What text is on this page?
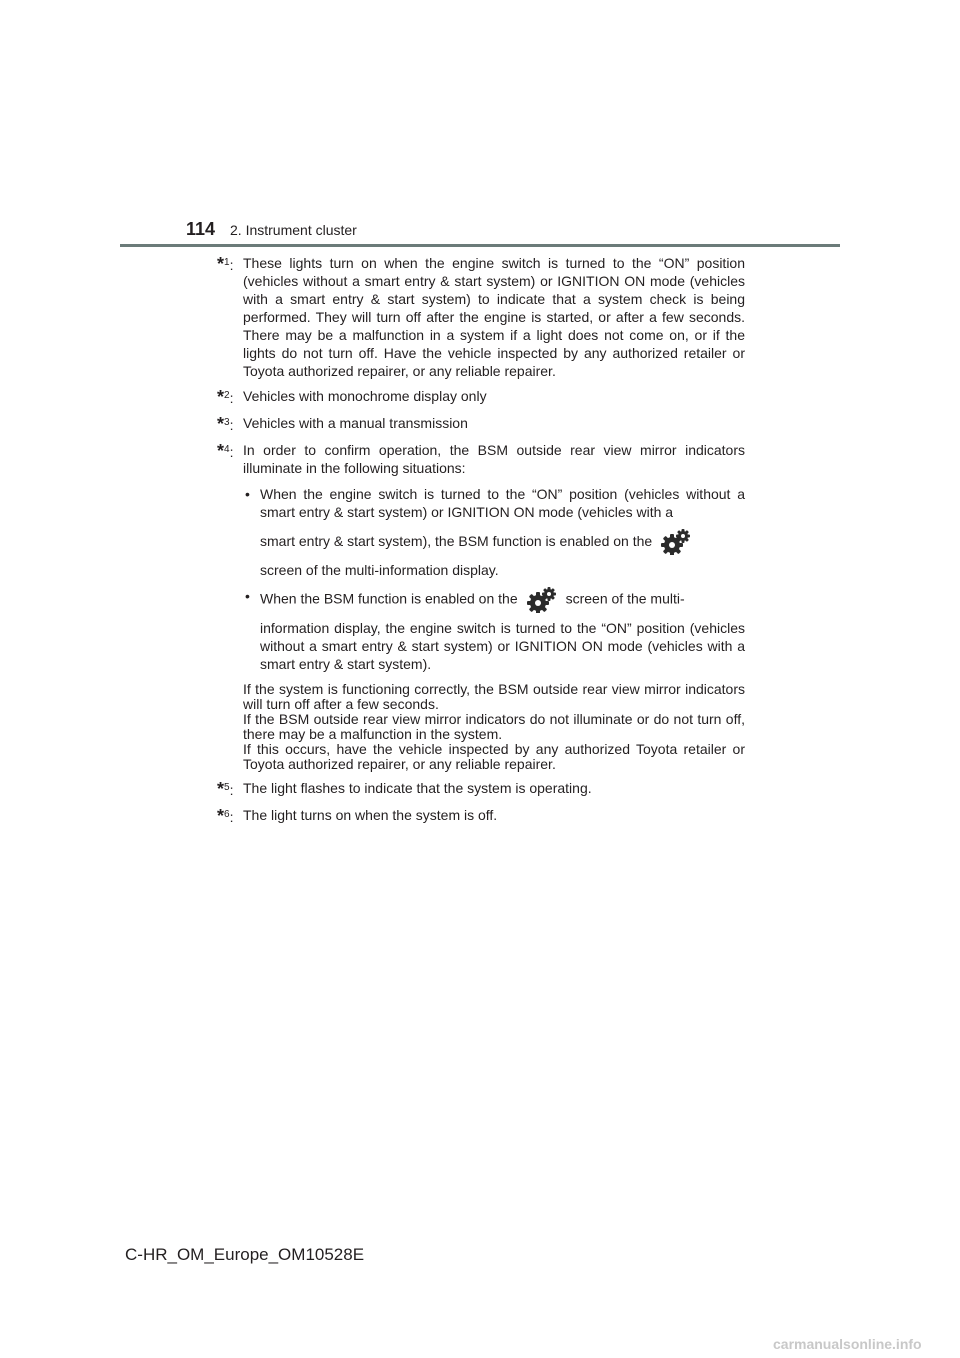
114 2. Instrument cluster
*$^1$: These lights turn on when the engine switch is turned to the “ON” position (vehicles without a smart entry & start system) or IGNITION ON mode (vehicles with a smart entry & start system) to indicate that a system check is being performed. They will turn off after the engine is started, or after a few seconds. There may be a malfunction in a system if a light does not come on, or if the lights do not turn off. Have the vehicle inspected by any authorized retailer or Toyota authorized repairer, or any reliable repairer.
*$^2$: Vehicles with monochrome display only
*$^3$: Vehicles with a manual transmission
*$^4$: In order to confirm operation, the BSM outside rear view mirror indicators illuminate in the following situations:
• When the engine switch is turned to the “ON” position (vehicles without a smart entry & start system) or IGNITION ON mode (vehicles with a
smart entry & start system), the BSM function is enabled on the
screen of the multi-information display.
• When the BSM function is enabled on the	screen of the multi-
information display, the engine switch is turned to the “ON” position (vehicles without a smart entry & start system) or IGNITION ON mode (vehicles with a smart entry & start system).

If the system is functioning correctly, the BSM outside rear view mirror indicators will turn off after a few seconds.

If the BSM outside rear view mirror indicators do not illuminate or do not turn off, there may be a malfunction in the system.

If this occurs, have the vehicle inspected by any authorized Toyota retailer or Toyota authorized repairer, or any reliable repairer.

*$^5$: The light flashes to indicate that the system is operating.
*$^6$: The light turns on when the system is off.
C-HR_OM_Europe_OM10528E
carmanualsonline.info
